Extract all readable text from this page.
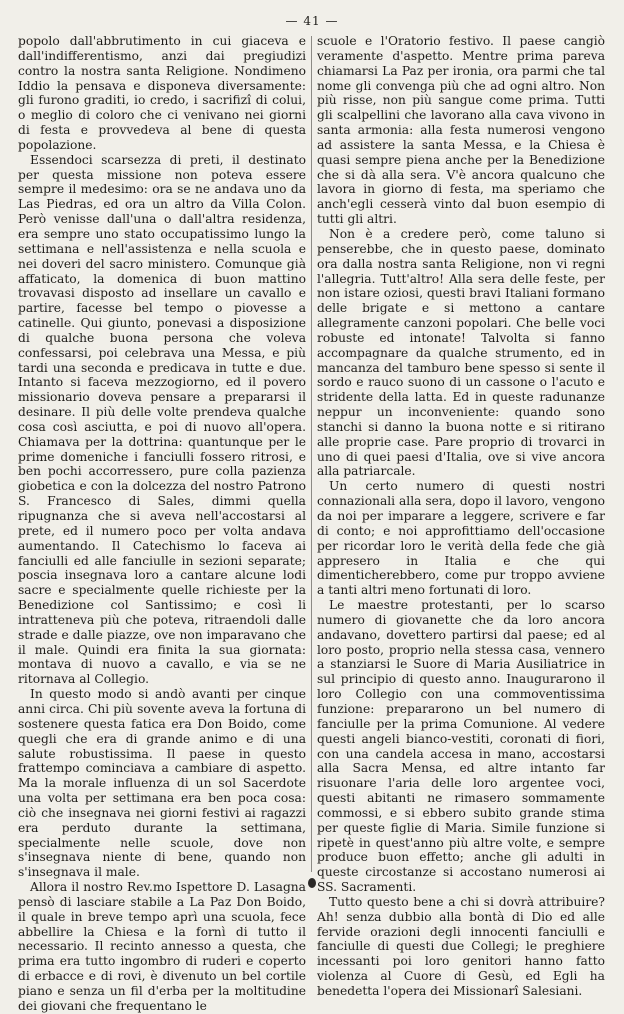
— 41 —

popolo dall'abbrutimento in cui giaceva e dall'indifferentismo, anzi dai pregiudizi contro la nostra santa Religione. Nondimeno Iddio la pensava e disponeva diversamente: gli furono graditi, io credo, i sacrifizî di colui, o meglio di coloro che ci venivano nei giorni di festa e provvedeva al bene di questa popolazione.

Essendoci scarsezza di preti, il destinato per questa missione non poteva essere sempre il medesimo: ora se ne andava uno da Las Piedras, ed ora un altro da Villa Colon. Però venisse dall'una o dall'altra residenza, era sempre uno stato occupatissimo lungo la settimana e nell'assistenza e nella scuola e nei doveri del sacro ministero. Comunque già affaticato, la domenica di buon mattino trovavasi disposto ad insellare un cavallo e partire, facesse bel tempo o piovesse a catinelle. Qui giunto, ponevasi a disposizione di qualche buona persona che voleva confessarsi, poi celebrava una Messa, e più tardi una seconda e predicava in tutte e due. Intanto si faceva mezzogiorno, ed il povero missionario doveva pensare a prepararsi il desinare. Il più delle volte prendeva qualche cosa così asciutta, e poi di nuovo all'opera. Chiamava per la dottrina: quantunque per le prime domeniche i fanciulli fossero ritrosi, e ben pochi accorressero, pure colla pazienza giobetica e con la dolcezza del nostro Patrono S. Francesco di Sales, dimmi quella ripugnanza che si aveva nell'accostarsi al prete, ed il numero poco per volta andava aumentando. Il Catechismo lo faceva ai fanciulli ed alle fanciulle in sezioni separate; poscia insegnava loro a cantare alcune lodi sacre e specialmente quelle richieste per la Benedizione col Santissimo; e così li intratteneva più che poteva, ritraendoli dalle strade e dalle piazze, ove non imparavano che il male. Quindi era finita la sua giornata: montava di nuovo a cavallo, e via se ne ritornava al Collegio.

In questo modo si andò avanti per cinque anni circa. Chi più sovente aveva la fortuna di sostenere questa fatica era Don Boido, come quegli che era di grande animo e di una salute robustissima. Il paese in questo frattempo cominciava a cambiare di aspetto. Ma la morale influenza di un sol Sacerdote una volta per settimana era ben poca cosa: ciò che insegnava nei giorni festivi ai ragazzi era perduto durante la settimana, specialmente nelle scuole, dove non s'insegnava niente di bene, quando non s'insegnava il male.

Allora il nostro Rev.mo Ispettore D. Lasagna pensò di lasciare stabile a La Paz Don Boido, il quale in breve tempo aprì una scuola, fece abbellire la Chiesa e la fornì di tutto il necessario. Il recinto annesso a questa, che prima era tutto ingombro di ruderi e coperto di erbacce e di rovi, è divenuto un bel cortile piano e senza un fil d'erba per la moltitudine dei giovani che frequentano le

scuole e l'Oratorio festivo. Il paese cangiò veramente d'aspetto. Mentre prima pareva chiamarsi La Paz per ironia, ora parmi che tal nome gli convenga più che ad ogni altro. Non più risse, non più sangue come prima. Tutti gli scalpellini che lavorano alla cava vivono in santa armonia: alla festa numerosi vengono ad assistere la santa Messa, e la Chiesa è quasi sempre piena anche per la Benedizione che si dà alla sera. V'è ancora qualcuno che lavora in giorno di festa, ma speriamo che anch'egli cesserà vinto dal buon esempio di tutti gli altri.

Non è a credere però, come taluno si penserebbe, che in questo paese, dominato ora dalla nostra santa Religione, non vi regni l'allegria. Tutt'altro! Alla sera delle feste, per non istare oziosi, questi bravi Italiani formano delle brigate e si mettono a cantare allegramente canzoni popolari. Che belle voci robuste ed intonate! Talvolta si fanno accompagnare da qualche strumento, ed in mancanza del tamburo bene spesso si sente il sordo e rauco suono di un cassone o l'acuto e stridente della latta. Ed in queste radunanze neppur un inconveniente: quando sono stanchi si danno la buona notte e si ritirano alle proprie case. Pare proprio di trovarci in uno di quei paesi d'Italia, ove si vive ancora alla patriarcale.

Un certo numero di questi nostri connazionali alla sera, dopo il lavoro, vengono da noi per imparare a leggere, scrivere e far di conto; e noi approfittiamo dell'occasione per ricordar loro le verità della fede che già appresero in Italia e che qui dimenticherebbero, come pur troppo avviene a tanti altri meno fortunati di loro.

Le maestre protestanti, per lo scarso numero di giovanette che da loro ancora andavano, dovettero partirsi dal paese; ed al loro posto, proprio nella stessa casa, vennero a stanziarsi le Suore di Maria Ausiliatrice in sul principio di questo anno. Inaugurarono il loro Collegio con una commoventissima funzione: prepararono un bel numero di fanciulle per la prima Comunione. Al vedere questi angeli bianco-vestiti, coronati di fiori, con una candela accesa in mano, accostarsi alla Sacra Mensa, ed altre intanto far risuonare l'aria delle loro argentee voci, questi abitanti ne rimasero sommamente commossi, e si ebbero subito grande stima per queste figlie di Maria. Simile funzione si ripetè in quest'anno più altre volte, e sempre produce buon effetto; anche gli adulti in queste circostanze si accostano numerosi ai SS. Sacramenti.

Tutto questo bene a chi si dovrà attribuire? Ah! senza dubbio alla bontà di Dio ed alle fervide orazioni degli innocenti fanciulli e fanciulle di questi due Collegi; le preghiere incessanti poi loro genitori hanno fatto violenza al Cuore di Gesù, ed Egli ha benedetta l'opera dei Missionarî Salesiani.
